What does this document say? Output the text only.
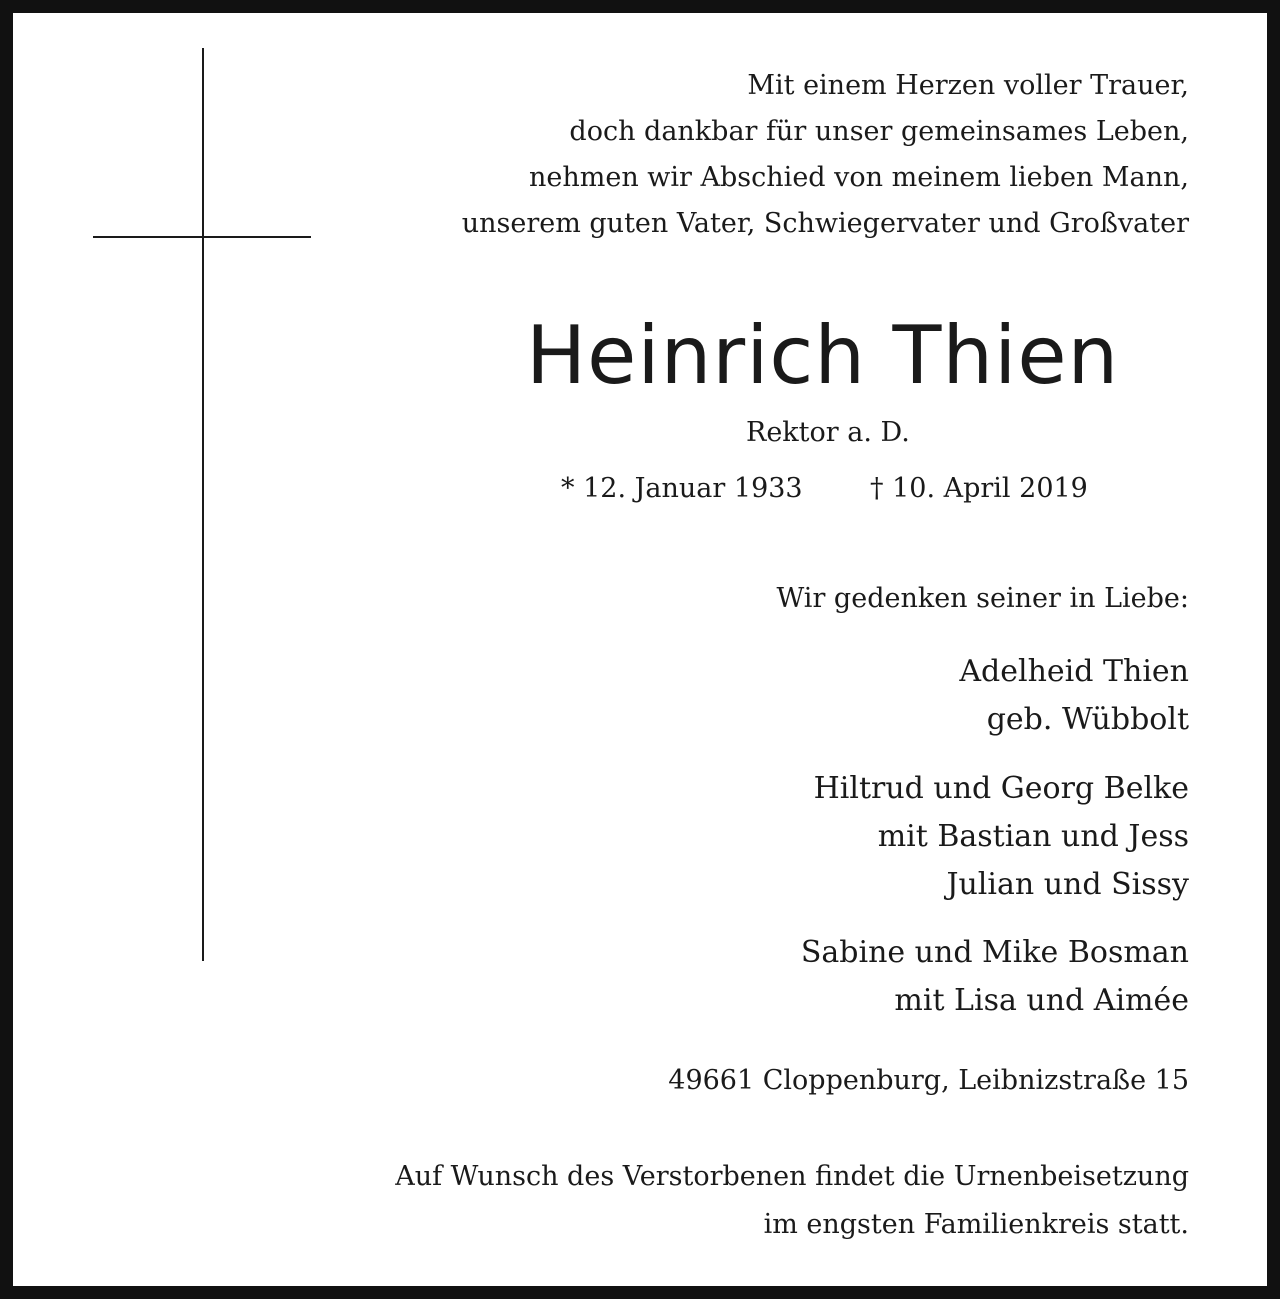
Mit einem Herzen voller Trauer,
doch dankbar für unser gemeinsames Leben,
nehmen wir Abschied von meinem lieben Mann,
unserem guten Vater, Schwiegervater und Großvater

Heinrich Thien

Rektor a. D.

* 12. Januar 1933 † 10. April 2019

Wir gedenken seiner in Liebe:

Adelheid Thien
geb. Wübbolt

Hiltrud und Georg Belke
mit Bastian und Jess
Julian und Sissy

Sabine und Mike Bosman
mit Lisa und Aimée

49661 Cloppenburg, Leibnizstraße 15

Auf Wunsch des Verstorbenen findet die Urnenbeisetzung
im engsten Familienkreis statt.
